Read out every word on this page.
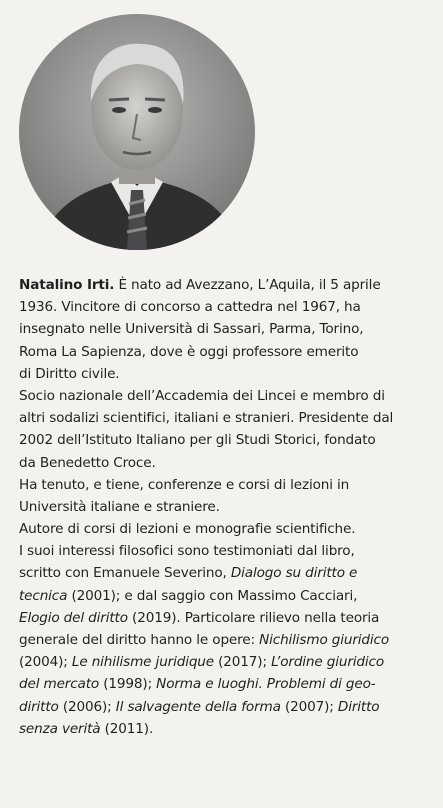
Natalino Irti. È nato ad Avezzano, L’Aquila, il 5 aprile
1936. Vincitore di concorso a cattedra nel 1967, ha
insegnato nelle Università di Sassari, Parma, Torino,
Roma La Sapienza, dove è oggi professore emerito
di Diritto civile.
Socio nazionale dell’Accademia dei Lincei e membro di
altri sodalizi scientifici, italiani e stranieri. Presidente dal
2002 dell’Istituto Italiano per gli Studi Storici, fondato
da Benedetto Croce.
Ha tenuto, e tiene, conferenze e corsi di lezioni in
Università italiane e straniere.
Autore di corsi di lezioni e monografie scientifiche.
I suoi interessi filosofici sono testimoniati dal libro,
scritto con Emanuele Severino, Dialogo su diritto e
tecnica (2001); e dal saggio con Massimo Cacciari,
Elogio del diritto (2019). Particolare rilievo nella teoria
generale del diritto hanno le opere: Nichilismo giuridico
(2004); Le nihilisme juridique (2017); L’ordine giuridico
del mercato (1998); Norma e luoghi. Problemi di geo-
diritto (2006); Il salvagente della forma (2007); Diritto
senza verità (2011).
